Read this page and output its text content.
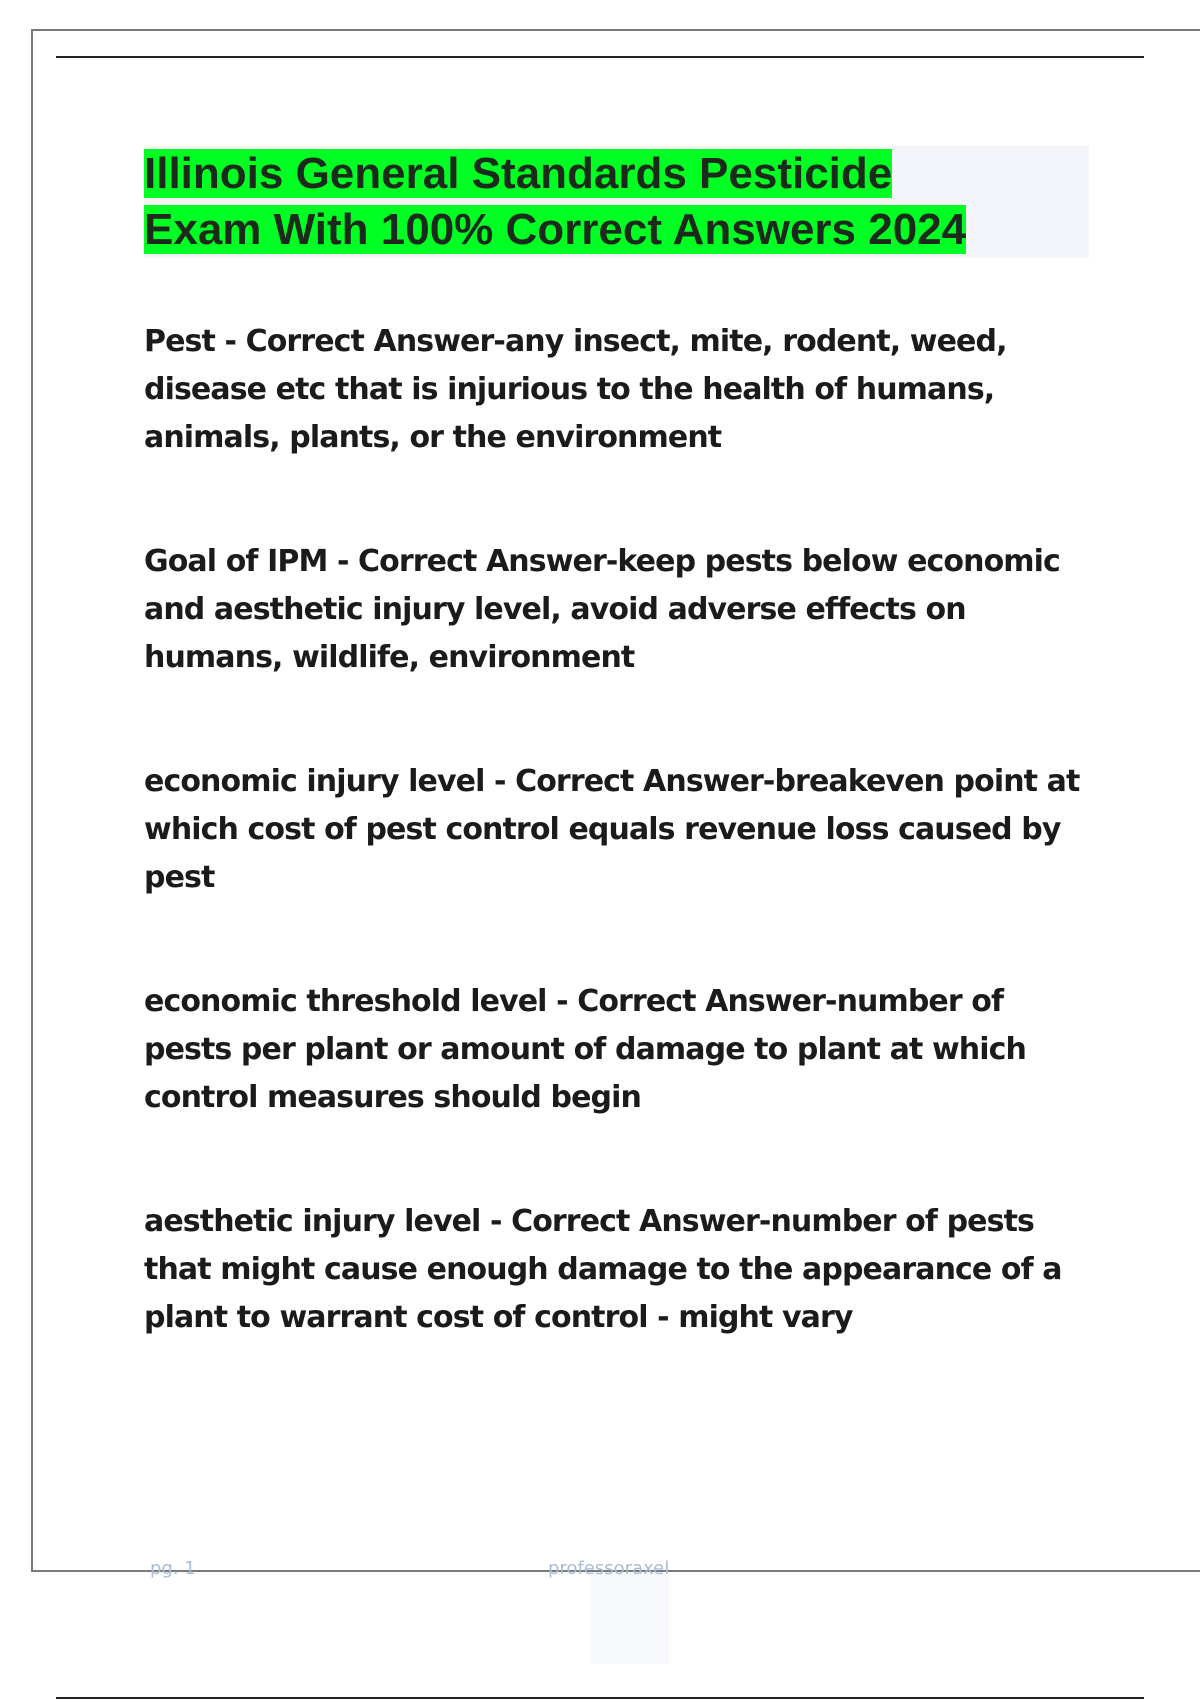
Illinois General Standards Pesticide
Exam With 100% Correct Answers 2024

Pest - Correct Answer-any insect, mite, rodent, weed, disease etc that is injurious to the health of humans, animals, plants, or the environment

Goal of IPM - Correct Answer-keep pests below economic and aesthetic injury level, avoid adverse effects on humans, wildlife, environment

economic injury level - Correct Answer-breakeven point at which cost of pest control equals revenue loss caused by pest

economic threshold level - Correct Answer-number of pests per plant or amount of damage to plant at which control measures should begin

aesthetic injury level - Correct Answer-number of pests that might cause enough damage to the appearance of a plant to warrant cost of control - might vary

pg. 1	professoraxel
